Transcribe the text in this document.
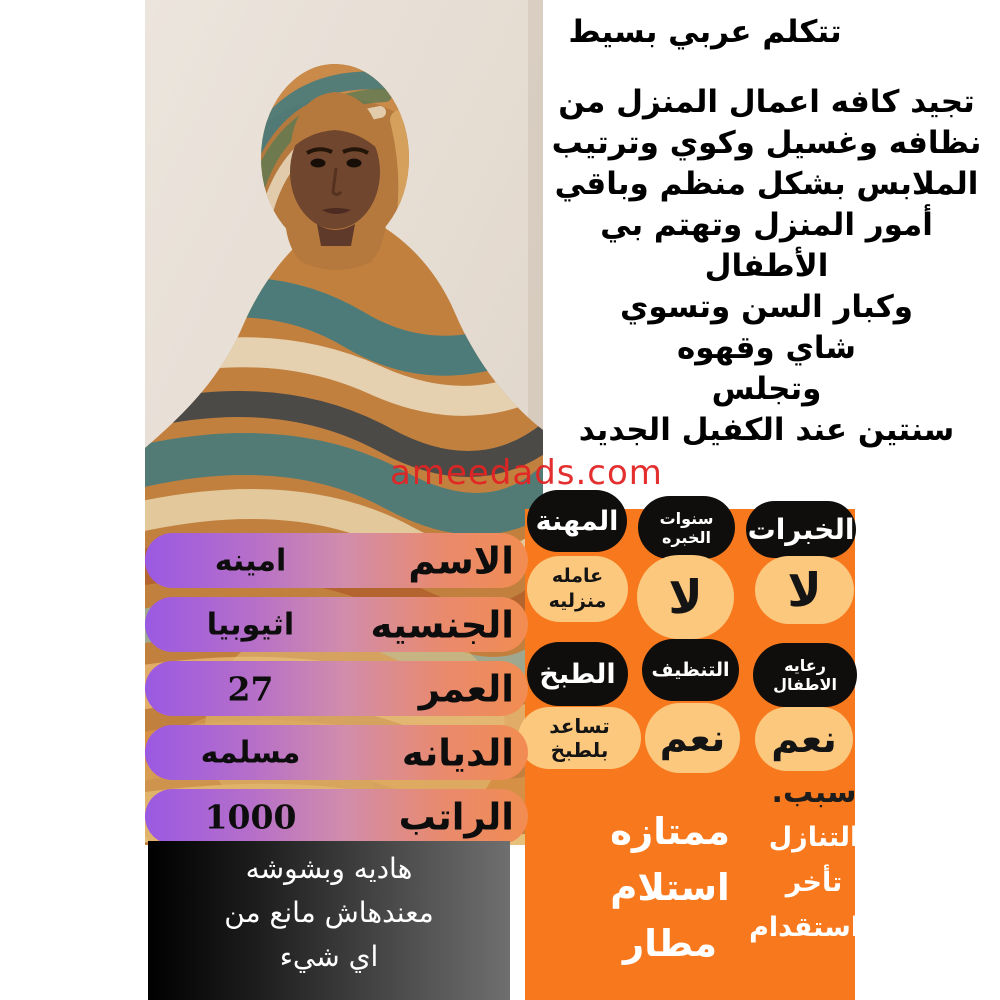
تتكلم عربي بسيط
تجيد كافه اعمال المنزل من
نظافه وغسيل وكوي وترتيب
الملابس بشكل منظم وباقي
أمور المنزل وتهتم بي الأطفال
وكبار السن وتسوي
شاي وقهوه
وتجلس
سنتين عند الكفيل الجديد
ameedads.com
المهنة	سنوات الخبره	الخبرات
عامله
منزليه	لا	لا
الطبخ	التنظيف	رعايه الاطفال
تساعد بلطبخ	نعم	نعم
ممتازه
استلام
مطار
سبب.
التنازل
تأخر
استقدام
الاسم
امينه
الجنسيه
اثيوبيا
العمر
27
الديانه
مسلمه
الراتب
1000
هاديه وبشوشه
معندهاش مانع من
اي شيء
